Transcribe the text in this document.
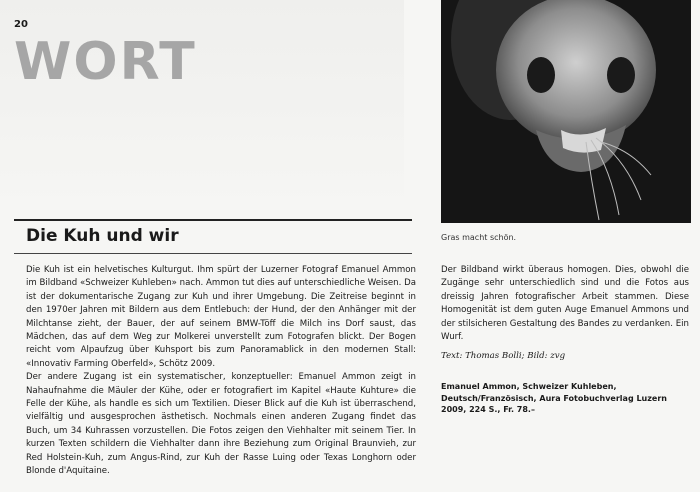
20
WORT
Die Kuh und wir

Die Kuh ist ein helvetisches Kulturgut. Ihm spürt der Luzerner Fotograf Emanuel Ammon im Bildband «Schweizer Kuhleben» nach. Ammon tut dies auf unterschiedliche Weisen. Da ist der dokumentarische Zugang zur Kuh und ihrer Umgebung. Die Zeitreise beginnt in den 1970er Jahren mit Bildern aus dem Entlebuch: der Hund, der den Anhänger mit der Milchtanse zieht, der Bauer, der auf seinem BMW-Töff die Milch ins Dorf saust, das Mädchen, das auf dem Weg zur Molkerei unverstellt zum Fotografen blickt. Der Bogen reicht vom Alpaufzug über Kuhsport bis zum Panoramablick in den modernen Stall: «Innovativ Farming Oberfeld», Schötz 2009.

Der andere Zugang ist ein systematischer, konzeptueller: Emanuel Ammon zeigt in Nahaufnahme die Mäuler der Kühe, oder er fotografiert im Kapitel «Haute Kuhture» die Felle der Kühe, als handle es sich um Textilien. Dieser Blick auf die Kuh ist überraschend, vielfältig und ausgesprochen ästhetisch. Nochmals einen anderen Zugang findet das Buch, um 34 Kuhrassen vorzustellen. Die Fotos zeigen den Viehhalter mit seinem Tier. In kurzen Texten schildern die Viehhalter dann ihre Beziehung zum Original Braunvieh, zur Red Holstein-Kuh, zum Angus-Rind, zur Kuh der Rasse Luing oder Texas Longhorn oder Blonde d'Aquitaine.

Gras macht schön.

Der Bildband wirkt überaus homogen. Dies, obwohl die Zugänge sehr unterschiedlich sind und die Fotos aus dreissig Jahren fotografischer Arbeit stammen. Diese Homogenität ist dem guten Auge Emanuel Ammons und der stilsicheren Gestaltung des Bandes zu verdanken. Ein Wurf.

Text: Thomas Bolli; Bild: zvg
Emanuel Ammon, Schweizer Kuhleben, Deutsch/Französisch, Aura Fotobuchverlag Luzern 2009, 224 S., Fr. 78.–
